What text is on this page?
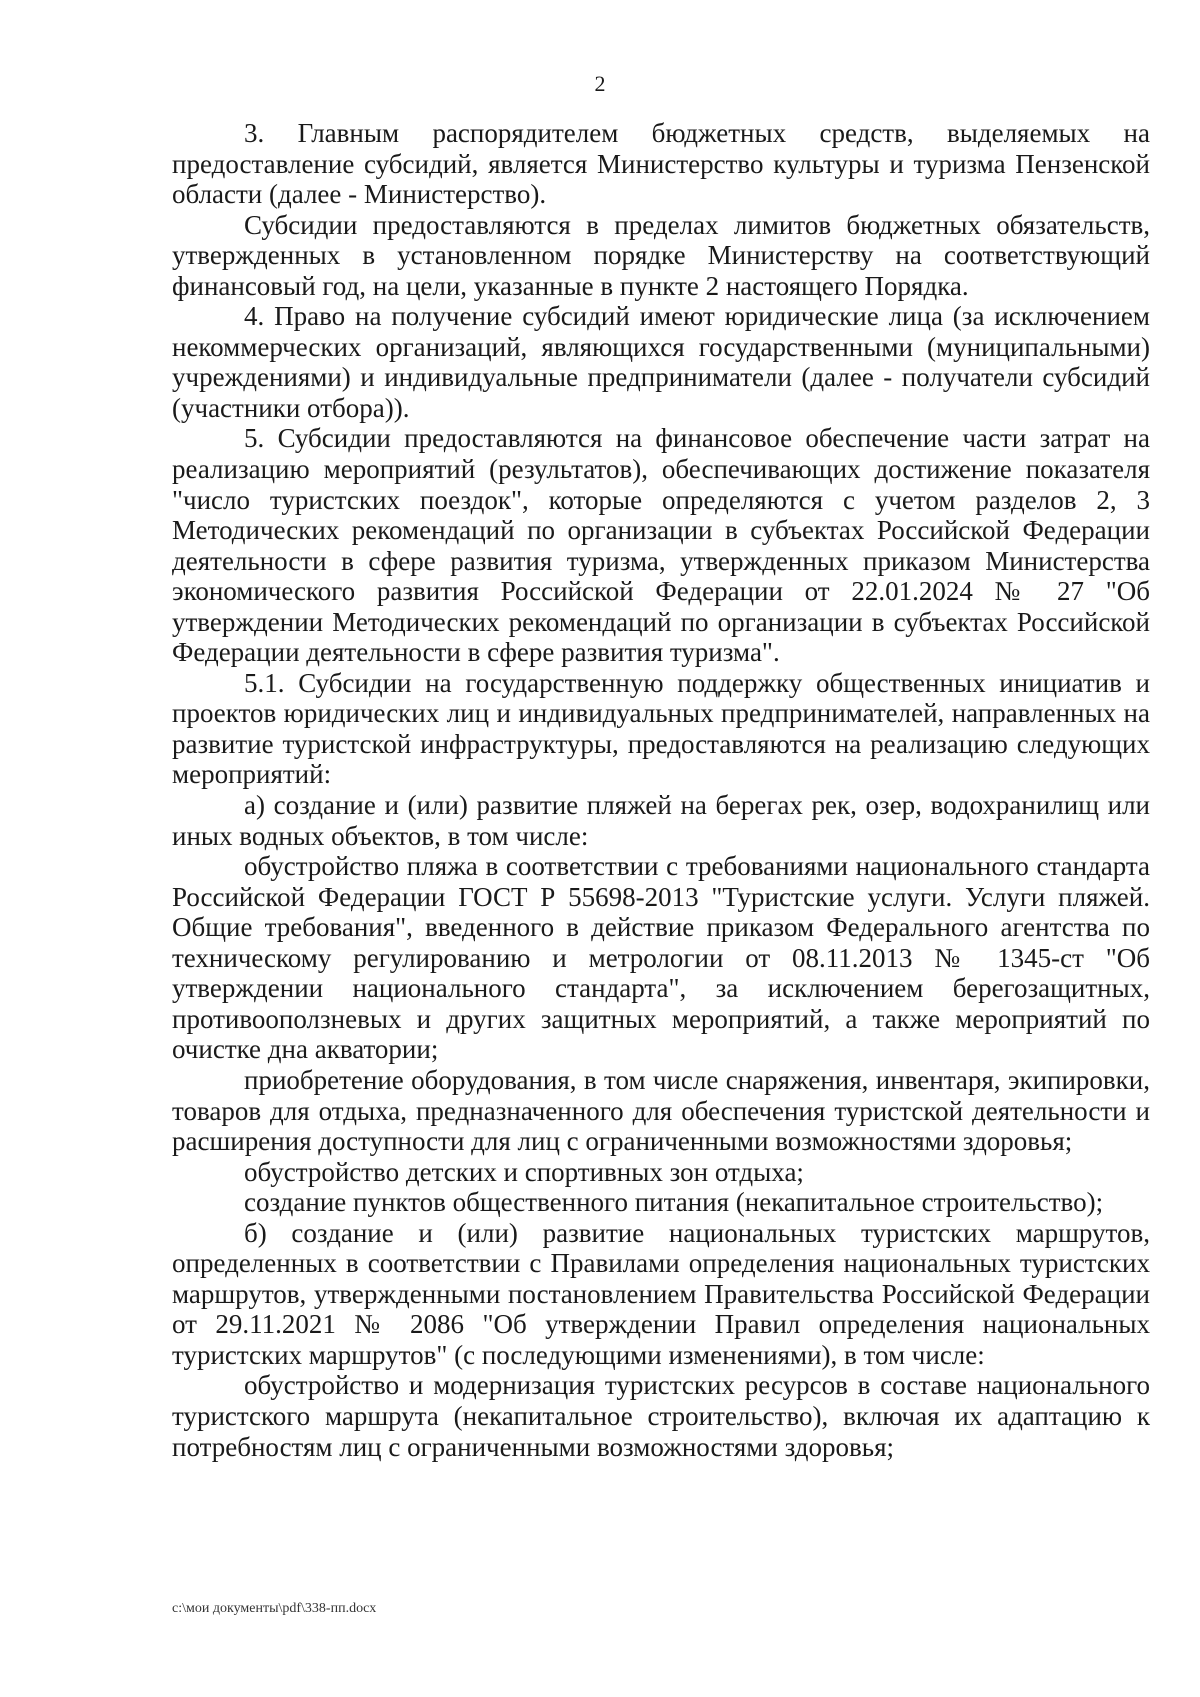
2

3. Главным распорядителем бюджетных средств, выделяемых на предоставление субсидий, является Министерство культуры и туризма Пензенской области (далее - Министерство).

Субсидии предоставляются в пределах лимитов бюджетных обязательств, утвержденных в установленном порядке Министерству на соответствующий финансовый год, на цели, указанные в пункте 2 настоящего Порядка.

4. Право на получение субсидий имеют юридические лица (за исключением некоммерческих организаций, являющихся государственными (муниципальными) учреждениями) и индивидуальные предприниматели (далее - получатели субсидий (участники отбора)).

5. Субсидии предоставляются на финансовое обеспечение части затрат на реализацию мероприятий (результатов), обеспечивающих достижение показателя "число туристских поездок", которые определяются с учетом разделов 2, 3 Методических рекомендаций по организации в субъектах Российской Федерации деятельности в сфере развития туризма, утвержденных приказом Министерства экономического развития Российской Федерации от 22.01.2024 № 27 "Об утверждении Методических рекомендаций по организации в субъектах Российской Федерации деятельности в сфере развития туризма".

5.1. Субсидии на государственную поддержку общественных инициатив и проектов юридических лиц и индивидуальных предпринимателей, направленных на развитие туристской инфраструктуры, предоставляются на реализацию следующих мероприятий:

а) создание и (или) развитие пляжей на берегах рек, озер, водохранилищ или иных водных объектов, в том числе:

обустройство пляжа в соответствии с требованиями национального стандарта Российской Федерации ГОСТ Р 55698-2013 "Туристские услуги. Услуги пляжей. Общие требования", введенного в действие приказом Федерального агентства по техническому регулированию и метрологии от 08.11.2013 № 1345-ст "Об утверждении национального стандарта", за исключением берегозащитных, противооползневых и других защитных мероприятий, а также мероприятий по очистке дна акватории;

приобретение оборудования, в том числе снаряжения, инвентаря, экипировки, товаров для отдыха, предназначенного для обеспечения туристской деятельности и расширения доступности для лиц с ограниченными возможностями здоровья;

обустройство детских и спортивных зон отдыха;

создание пунктов общественного питания (некапитальное строительство);

б) создание и (или) развитие национальных туристских маршрутов, определенных в соответствии с Правилами определения национальных туристских маршрутов, утвержденными постановлением Правительства Российской Федерации от 29.11.2021 № 2086 "Об утверждении Правил определения национальных туристских маршрутов" (с последующими изменениями), в том числе:

обустройство и модернизация туристских ресурсов в составе национального туристского маршрута (некапитальное строительство), включая их адаптацию к потребностям лиц с ограниченными возможностями здоровья;

c:\мои документы\pdf\338-пп.docx
